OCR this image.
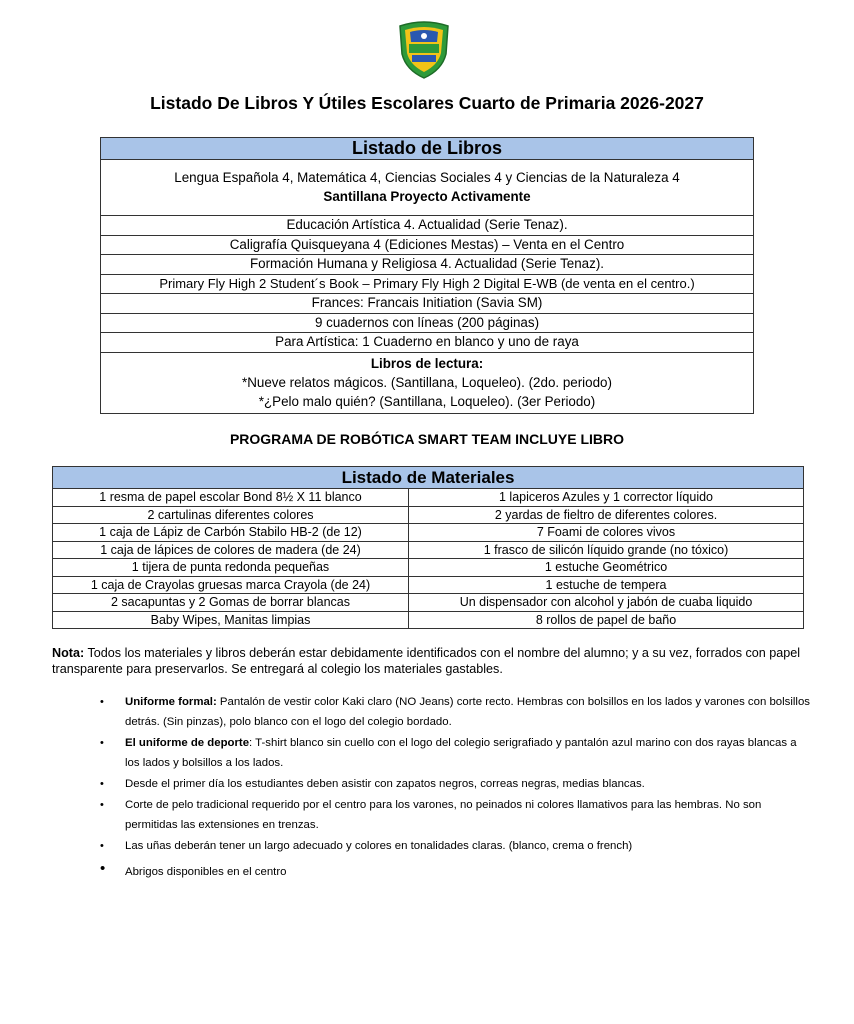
Listado De Libros Y Útiles Escolares Cuarto de Primaria 2026-2027
Listado de Libros

Lengua Española 4, Matemática 4, Ciencias Sociales 4 y Ciencias de la Naturaleza 4
Santillana Proyecto Activamente

Educación Artística 4. Actualidad (Serie Tenaz).
Caligrafía Quisqueyana 4 (Ediciones Mestas) – Venta en el Centro
Formación Humana y Religiosa 4. Actualidad (Serie Tenaz).
Primary Fly High 2 Student´s Book – Primary Fly High 2 Digital E-WB (de venta en el centro.)
Frances: Francais Initiation (Savia SM)
9 cuadernos con líneas (200 páginas)
Para Artística: 1 Cuaderno en blanco y uno de raya

Libros de lectura:
*Nueve relatos mágicos. (Santillana, Loqueleo). (2do. periodo)
*¿Pelo malo quién? (Santillana, Loqueleo). (3er Periodo)
PROGRAMA DE ROBÓTICA SMART TEAM INCLUYE LIBRO
Listado de Materiales	
1 resma de papel escolar Bond 8½ X 11 blanco	1 lapiceros Azules y 1 corrector líquido
2 cartulinas diferentes colores	2 yardas de fieltro de diferentes colores.
1 caja de Lápiz de Carbón Stabilo HB-2 (de 12)	7 Foami de colores vivos
1 caja de lápices de colores de madera (de 24)	1 frasco de silicón líquido grande (no tóxico)
1 tijera de punta redonda pequeñas	1 estuche Geométrico
1 caja de Crayolas gruesas marca Crayola (de 24)	1 estuche de tempera
2 sacapuntas y 2 Gomas de borrar blancas	Un dispensador con alcohol y jabón de cuaba liquido
Baby Wipes, Manitas limpias	8 rollos de papel de baño
Nota: Todos los materiales y libros deberán estar debidamente identificados con el nombre del alumno; y a su vez, forrados con papel transparente para preservarlos. Se entregará al colegio los materiales gastables.
• Uniforme formal: Pantalón de vestir color Kaki claro (NO Jeans) corte recto. Hembras con bolsillos en los lados y varones con bolsillos detrás. (Sin pinzas), polo blanco con el logo del colegio bordado.
• El uniforme de deporte: T-shirt blanco sin cuello con el logo del colegio serigrafiado y pantalón azul marino con dos rayas blancas a los lados y bolsillos a los lados.
• Desde el primer día los estudiantes deben asistir con zapatos negros, correas negras, medias blancas.
• Corte de pelo tradicional requerido por el centro para los varones, no peinados ni colores llamativos para las hembras. No son permitidas las extensiones en trenzas.
• Las uñas deberán tener un largo adecuado y colores en tonalidades claras. (blanco, crema o french)
• Abrigos disponibles en el centro
